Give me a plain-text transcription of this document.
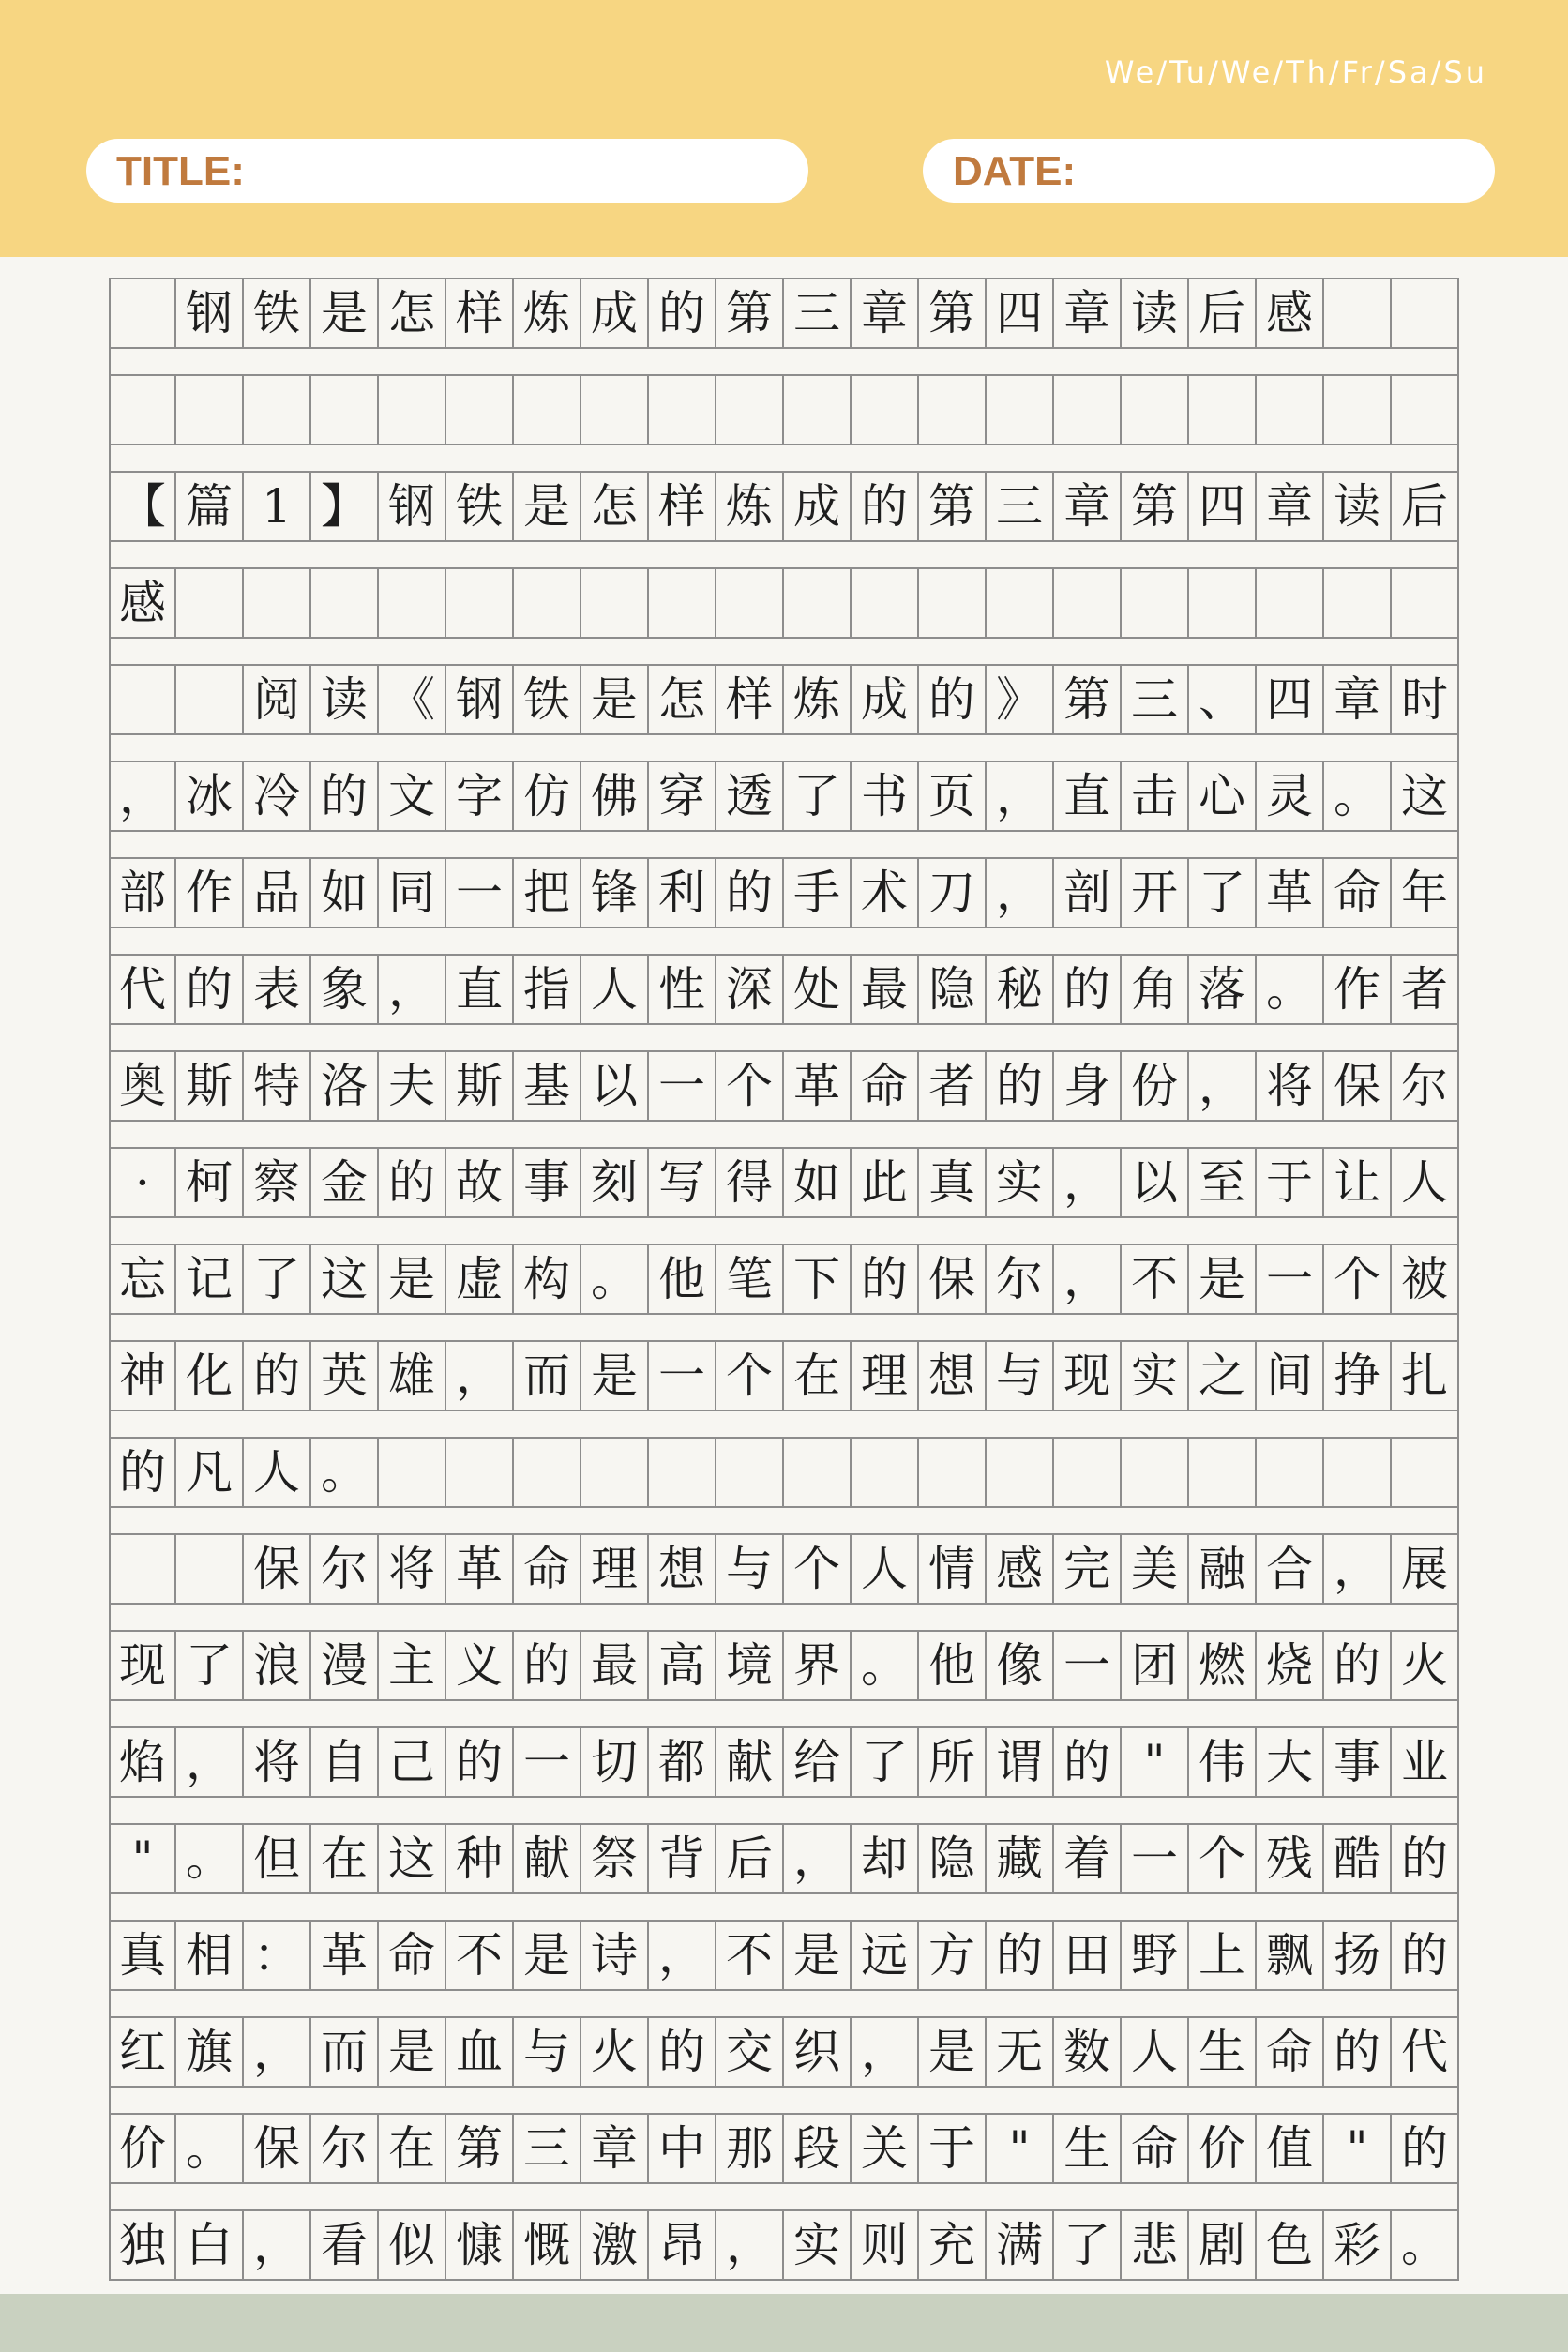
We/Tu/We/Th/Fr/Sa/Su
TITLE:	DATE:
钢 铁 是 怎 样 炼 成 的 第 三 章 第 四 章 读 后 感
【 篇 1 】 钢 铁 是 怎 样 炼 成 的 第 三 章 第 四 章 读 后
感
阅 读 《 钢 铁 是 怎 样 炼 成 的 》 第 三 、 四 章 时
， 冰 冷 的 文 字 仿 佛 穿 透 了 书 页 ， 直 击 心 灵 。 这
部 作 品 如 同 一 把 锋 利 的 手 术 刀 ， 剖 开 了 革 命 年
代 的 表 象 ， 直 指 人 性 深 处 最 隐 秘 的 角 落 。 作 者
奥 斯 特 洛 夫 斯 基 以 一 个 革 命 者 的 身 份 ， 将 保 尔
· 柯 察 金 的 故 事 刻 写 得 如 此 真 实 ， 以 至 于 让 人
忘 记 了 这 是 虚 构 。 他 笔 下 的 保 尔 ， 不 是 一 个 被
神 化 的 英 雄 ， 而 是 一 个 在 理 想 与 现 实 之 间 挣 扎
的 凡 人 。
保 尔 将 革 命 理 想 与 个 人 情 感 完 美 融 合 ， 展
现 了 浪 漫 主 义 的 最 高 境 界 。 他 像 一 团 燃 烧 的 火
焰 ， 将 自 己 的 一 切 都 献 给 了 所 谓 的 " 伟 大 事 业
" 。 但 在 这 种 献 祭 背 后 ， 却 隐 藏 着 一 个 残 酷 的
真 相 ： 革 命 不 是 诗 ， 不 是 远 方 的 田 野 上 飘 扬 的
红 旗 ， 而 是 血 与 火 的 交 织 ， 是 无 数 人 生 命 的 代
价 。 保 尔 在 第 三 章 中 那 段 关 于 " 生 命 价 值 " 的
独 白 ， 看 似 慷 慨 激 昂 ， 实 则 充 满 了 悲 剧 色 彩 。
